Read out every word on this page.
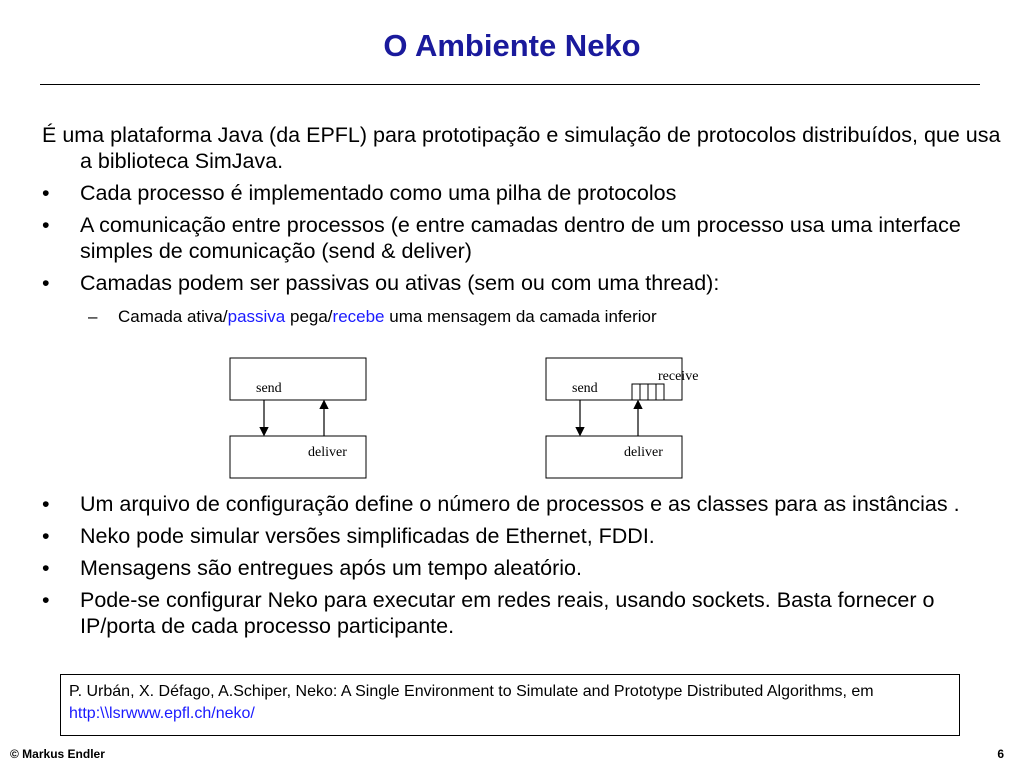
O Ambiente Neko
É uma plataforma Java (da EPFL) para prototipação e simulação de protocolos distribuídos, que usa a biblioteca SimJava.
• Cada processo é implementado como uma pilha de protocolos
• A comunicação entre processos (e entre camadas dentro de um processo usa uma interface simples de comunicação (send & deliver)
• Camadas podem ser passivas ou ativas (sem ou com uma thread):
– Camada ativa/passiva pega/recebe uma mensagem da camada inferior
send
deliver
send
receive
deliver
• Um arquivo de configuração define o número de processos e as classes para as instâncias .
• Neko pode simular versões simplificadas de Ethernet, FDDI.
• Mensagens são entregues após um tempo aleatório.
• Pode-se configurar Neko para executar em redes reais, usando sockets. Basta fornecer o IP/porta de cada processo participante.
P. Urbán, X. Défago, A.Schiper, Neko: A Single Environment to Simulate and Prototype Distributed Algorithms, em http:\\lsrwww.epfl.ch/neko/
© Markus Endler	6
